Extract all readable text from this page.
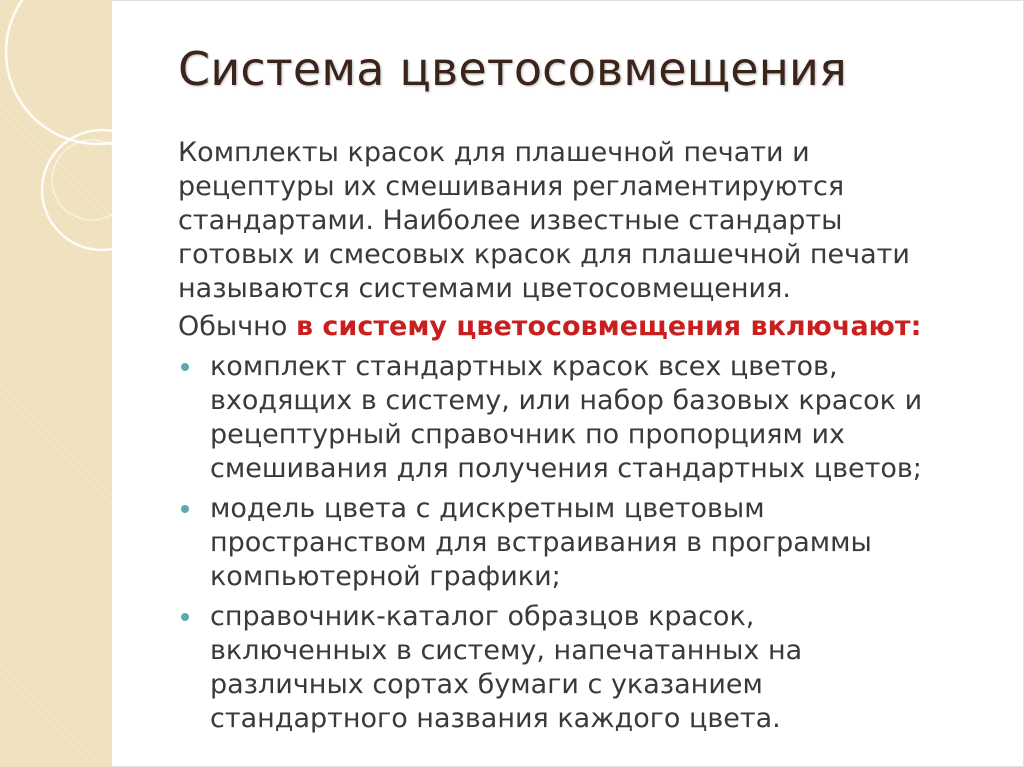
Система цветосовмещения

Комплекты красок для плашечной печати и
рецептуры их смешивания регламентируются
стандартами. Наиболее известные стандарты
готовых и смесовых красок для плашечной печати
называются системами цветосовмещения.

Обычно в систему цветосовмещения включают:

комплект стандартных красок всех цветов,
входящих в систему, или набор базовых красок и
рецептурный справочник по пропорциям их
смешивания для получения стандартных цветов;
модель цвета с дискретным цветовым
пространством для встраивания в программы
компьютерной графики;
справочник-каталог образцов красок,
включенных в систему, напечатанных на
различных сортах бумаги с указанием
стандартного названия каждого цвета.
